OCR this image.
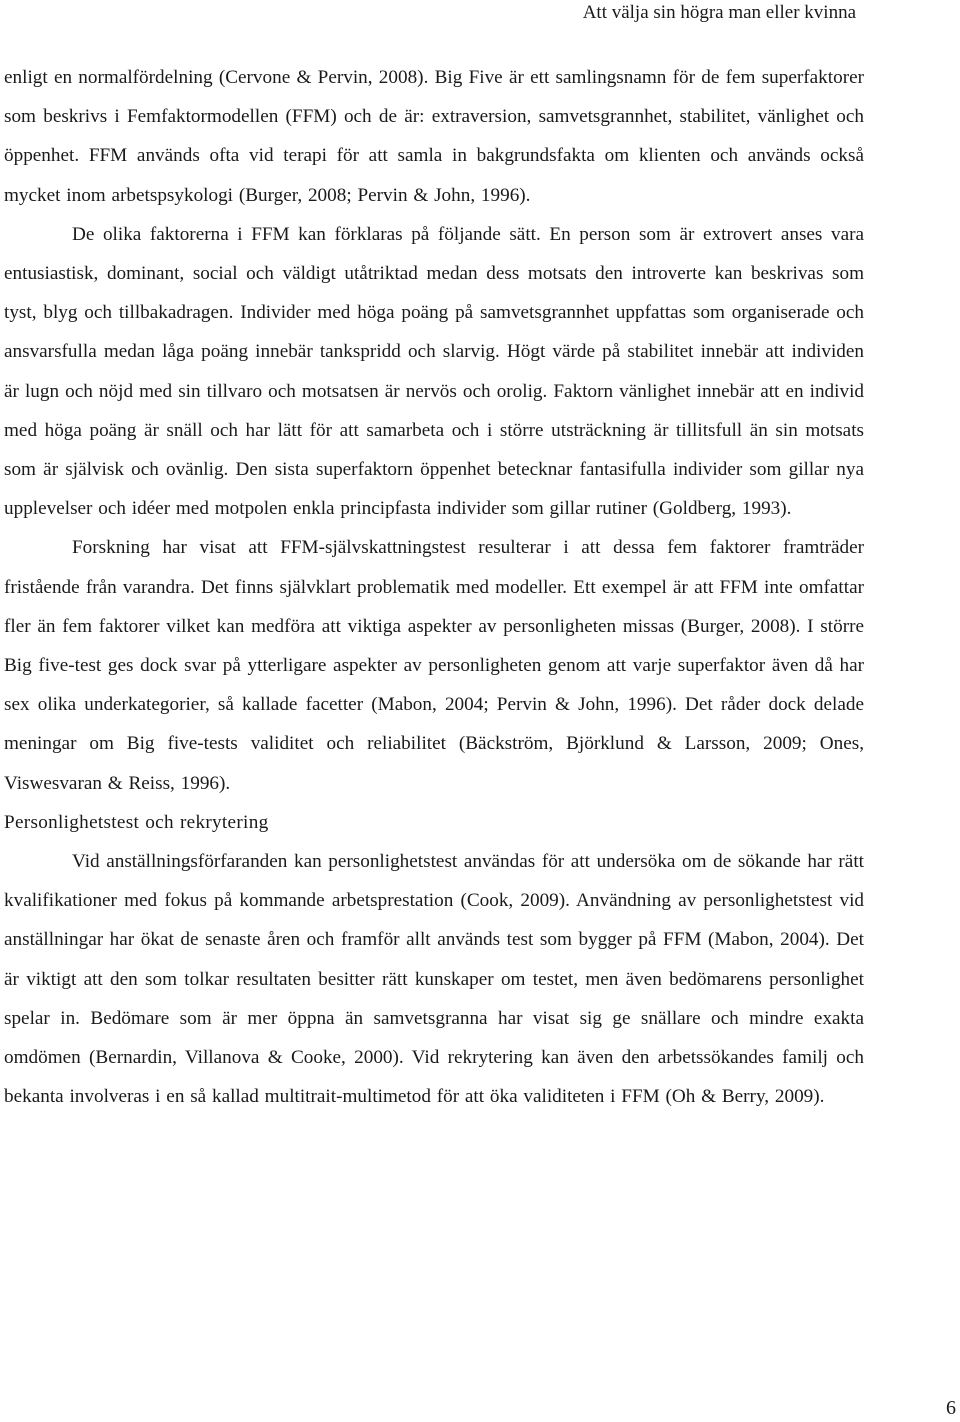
Att välja sin högra man eller kvinna

enligt en normalfördelning (Cervone & Pervin, 2008). Big Five är ett samlingsnamn för de fem superfaktorer som beskrivs i Femfaktormodellen (FFM) och de är: extraversion, samvetsgrannhet, stabilitet, vänlighet och öppenhet. FFM används ofta vid terapi för att samla in bakgrundsfakta om klienten och används också mycket inom arbetspsykologi (Burger, 2008; Pervin & John, 1996).

De olika faktorerna i FFM kan förklaras på följande sätt. En person som är extrovert anses vara entusiastisk, dominant, social och väldigt utåtriktad medan dess motsats den introverte kan beskrivas som tyst, blyg och tillbakadragen. Individer med höga poäng på samvetsgrannhet uppfattas som organiserade och ansvarsfulla medan låga poäng innebär tankspridd och slarvig. Högt värde på stabilitet innebär att individen är lugn och nöjd med sin tillvaro och motsatsen är nervös och orolig. Faktorn vänlighet innebär att en individ med höga poäng är snäll och har lätt för att samarbeta och i större utsträckning är tillitsfull än sin motsats som är självisk och ovänlig. Den sista superfaktorn öppenhet betecknar fantasifulla individer som gillar nya upplevelser och idéer med motpolen enkla principfasta individer som gillar rutiner (Goldberg, 1993).

Forskning har visat att FFM-självskattningstest resulterar i att dessa fem faktorer framträder fristående från varandra. Det finns självklart problematik med modeller. Ett exempel är att FFM inte omfattar fler än fem faktorer vilket kan medföra att viktiga aspekter av personligheten missas (Burger, 2008). I större Big five-test ges dock svar på ytterligare aspekter av personligheten genom att varje superfaktor även då har sex olika underkategorier, så kallade facetter (Mabon, 2004; Pervin & John, 1996). Det råder dock delade meningar om Big five-tests validitet och reliabilitet (Bäckström, Björklund & Larsson, 2009; Ones, Viswesvaran & Reiss, 1996).

Personlighetstest och rekrytering

Vid anställningsförfaranden kan personlighetstest användas för att undersöka om de sökande har rätt kvalifikationer med fokus på kommande arbetsprestation (Cook, 2009). Användning av personlighetstest vid anställningar har ökat de senaste åren och framför allt används test som bygger på FFM (Mabon, 2004). Det är viktigt att den som tolkar resultaten besitter rätt kunskaper om testet, men även bedömarens personlighet spelar in. Bedömare som är mer öppna än samvetsgranna har visat sig ge snällare och mindre exakta omdömen (Bernardin, Villanova & Cooke, 2000). Vid rekrytering kan även den arbetssökandes familj och bekanta involveras i en så kallad multitrait-multimetod för att öka validiteten i FFM (Oh & Berry, 2009).

6
